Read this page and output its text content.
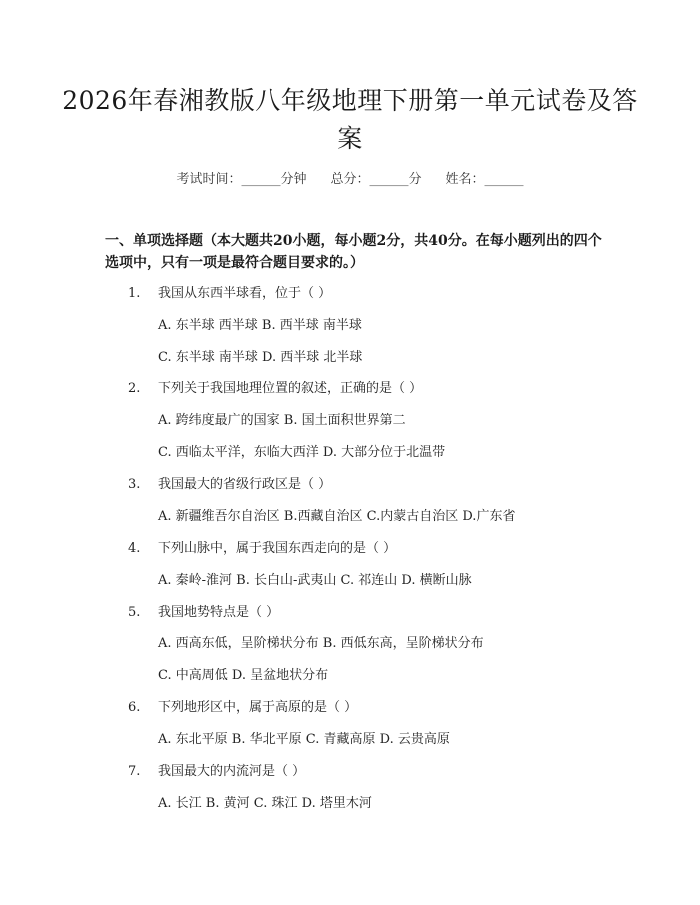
2026年春湘教版八年级地理下册第一单元试卷及答案
考试时间：______分钟 总分：______分 姓名：______
一、单项选择题（本大题共20小题，每小题2分，共40分。在每小题列出的四个选项中，只有一项是最符合题目要求的。）
1. 我国从东西半球看，位于（ ）
A. 东半球 西半球 B. 西半球 南半球
C. 东半球 南半球 D. 西半球 北半球
2. 下列关于我国地理位置的叙述，正确的是（ ）
A. 跨纬度最广的国家 B. 国土面积世界第二
C. 西临太平洋，东临大西洋 D. 大部分位于北温带
3. 我国最大的省级行政区是（ ）
A. 新疆维吾尔自治区 B.西藏自治区 C.内蒙古自治区 D.广东省
4. 下列山脉中，属于我国东西走向的是（ ）
A. 秦岭-淮河 B. 长白山-武夷山 C. 祁连山 D. 横断山脉
5. 我国地势特点是（ ）
A. 西高东低，呈阶梯状分布 B. 西低东高，呈阶梯状分布
C. 中高周低 D. 呈盆地状分布
6. 下列地形区中，属于高原的是（ ）
A. 东北平原 B. 华北平原 C. 青藏高原 D. 云贵高原
7. 我国最大的内流河是（ ）
A. 长江 B. 黄河 C. 珠江 D. 塔里木河
